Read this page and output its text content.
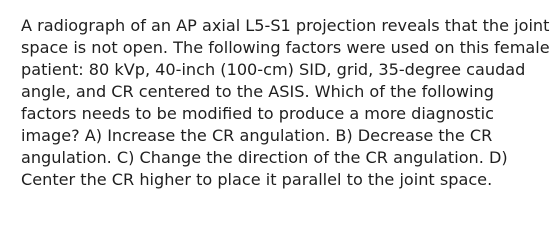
A radiograph of an AP axial L5-S1 projection reveals that the joint space is not open. The following factors were used on this female patient: 80 kVp, 40-inch (100-cm) SID, grid, 35-degree caudad angle, and CR centered to the ASIS. Which of the following factors needs to be modified to produce a more diagnostic image? A) Increase the CR angulation. B) Decrease the CR angulation. C) Change the direction of the CR angulation. D) Center the CR higher to place it parallel to the joint space.
